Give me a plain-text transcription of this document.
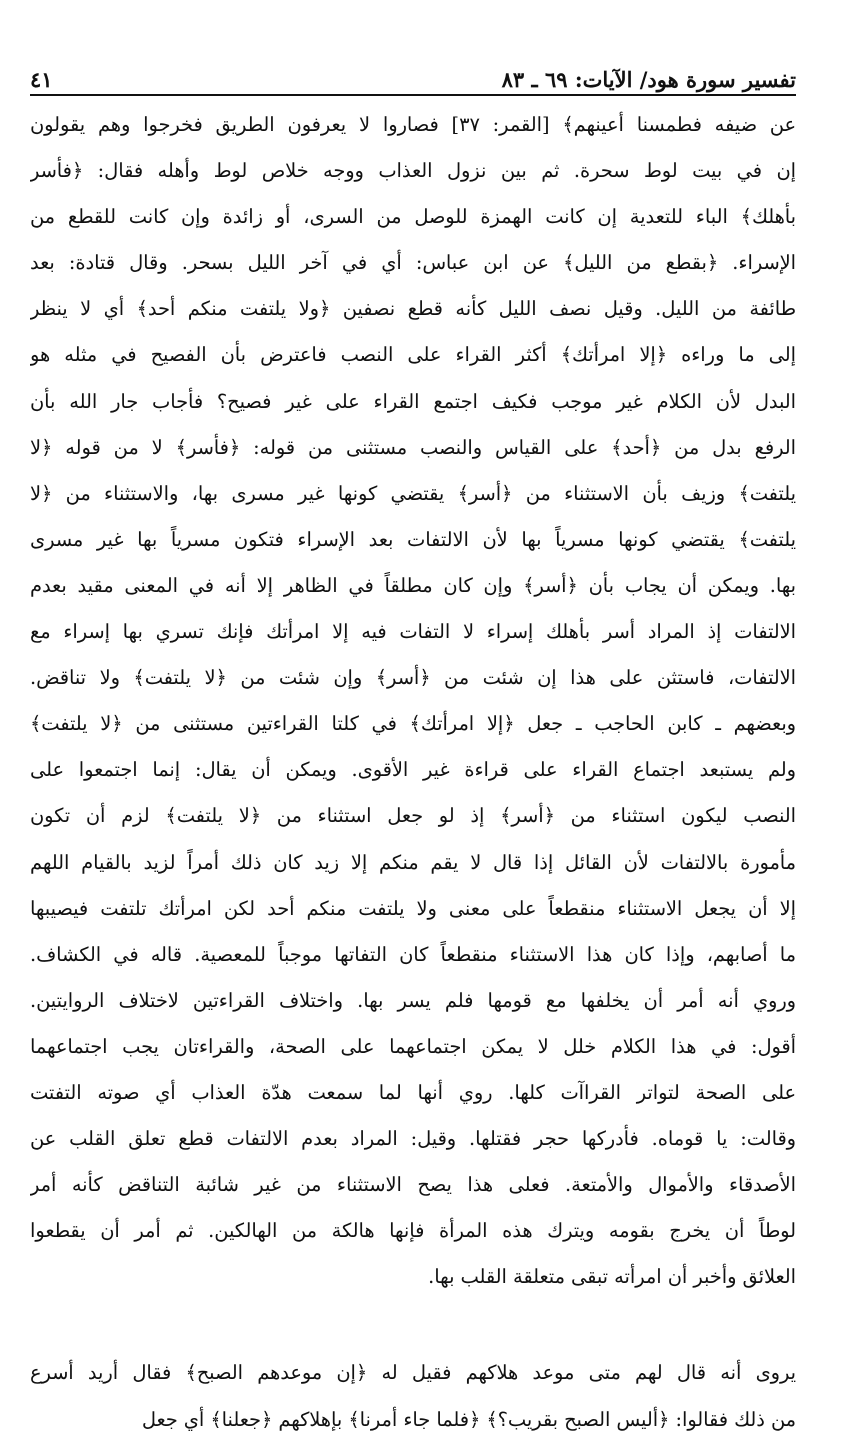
تفسير سورة هود/ الآيات: ٦٩ ـ ٨٣
٤١
عن ضيفه فطمسنا أعينهم﴾ [القمر: ٣٧] فصاروا لا يعرفون الطريق فخرجوا وهم يقولون
إن في بيت لوط سحرة. ثم بين نزول العذاب ووجه خلاص لوط وأهله فقال: ﴿فأسر
بأهلك﴾ الباء للتعدية إن كانت الهمزة للوصل من السرى، أو زائدة وإن كانت للقطع من
الإسراء. ﴿بقطع من الليل﴾ عن ابن عباس: أي في آخر الليل بسحر. وقال قتادة: بعد
طائفة من الليل. وقيل نصف الليل كأنه قطع نصفين ﴿ولا يلتفت منكم أحد﴾ أي لا ينظر
إلى ما وراءه ﴿إلا امرأتك﴾ أكثر القراء على النصب فاعترض بأن الفصيح في مثله هو
البدل لأن الكلام غير موجب فكيف اجتمع القراء على غير فصيح؟ فأجاب جار الله بأن
الرفع بدل من ﴿أحد﴾ على القياس والنصب مستثنى من قوله: ﴿فأسر﴾ لا من قوله ﴿لا
يلتفت﴾ وزيف بأن الاستثناء من ﴿أسر﴾ يقتضي كونها غير مسرى بها، والاستثناء من ﴿لا
يلتفت﴾ يقتضي كونها مسرياً بها لأن الالتفات بعد الإسراء فتكون مسرياً بها غير مسرى
بها. ويمكن أن يجاب بأن ﴿أسر﴾ وإن كان مطلقاً في الظاهر إلا أنه في المعنى مقيد بعدم
الالتفات إذ المراد أسر بأهلك إسراء لا التفات فيه إلا امرأتك فإنك تسري بها إسراء مع
الالتفات، فاستثن على هذا إن شئت من ﴿أسر﴾ وإن شئت من ﴿لا يلتفت﴾ ولا تناقض.
وبعضهم ـ كابن الحاجب ـ جعل ﴿إلا امرأتك﴾ في كلتا القراءتين مستثنى من ﴿لا يلتفت﴾
ولم يستبعد اجتماع القراء على قراءة غير الأقوى. ويمكن أن يقال: إنما اجتمعوا على
النصب ليكون استثناء من ﴿أسر﴾ إذ لو جعل استثناء من ﴿لا يلتفت﴾ لزم أن تكون
مأمورة بالالتفات لأن القائل إذا قال لا يقم منكم إلا زيد كان ذلك أمراً لزيد بالقيام اللهم
إلا أن يجعل الاستثناء منقطعاً على معنى ولا يلتفت منكم أحد لكن امرأتك تلتفت فيصيبها
ما أصابهم، وإذا كان هذا الاستثناء منقطعاً كان التفاتها موجباً للمعصية. قاله في الكشاف.
وروي أنه أمر أن يخلفها مع قومها فلم يسر بها. واختلاف القراءتين لاختلاف الروايتين.
أقول: في هذا الكلام خلل لا يمكن اجتماعهما على الصحة، والقراءتان يجب اجتماعهما
على الصحة لتواتر القراآت كلها. روي أنها لما سمعت هدّة العذاب أي صوته التفتت
وقالت: يا قوماه. فأدركها حجر فقتلها. وقيل: المراد بعدم الالتفات قطع تعلق القلب عن
الأصدقاء والأموال والأمتعة. فعلى هذا يصح الاستثناء من غير شائبة التناقض كأنه أمر
لوطاً أن يخرج بقومه ويترك هذه المرأة فإنها هالكة من الهالكين. ثم أمر أن يقطعوا
العلائق وأخبر أن امرأته تبقى متعلقة القلب بها.
يروى أنه قال لهم متى موعد هلاكهم فقيل له ﴿إن موعدهم الصبح﴾ فقال أريد أسرع
من ذلك فقالوا: ﴿أليس الصبح بقريب؟﴾ ﴿فلما جاء أمرنا﴾ بإهلاكهم ﴿جعلنا﴾ أي جعل
